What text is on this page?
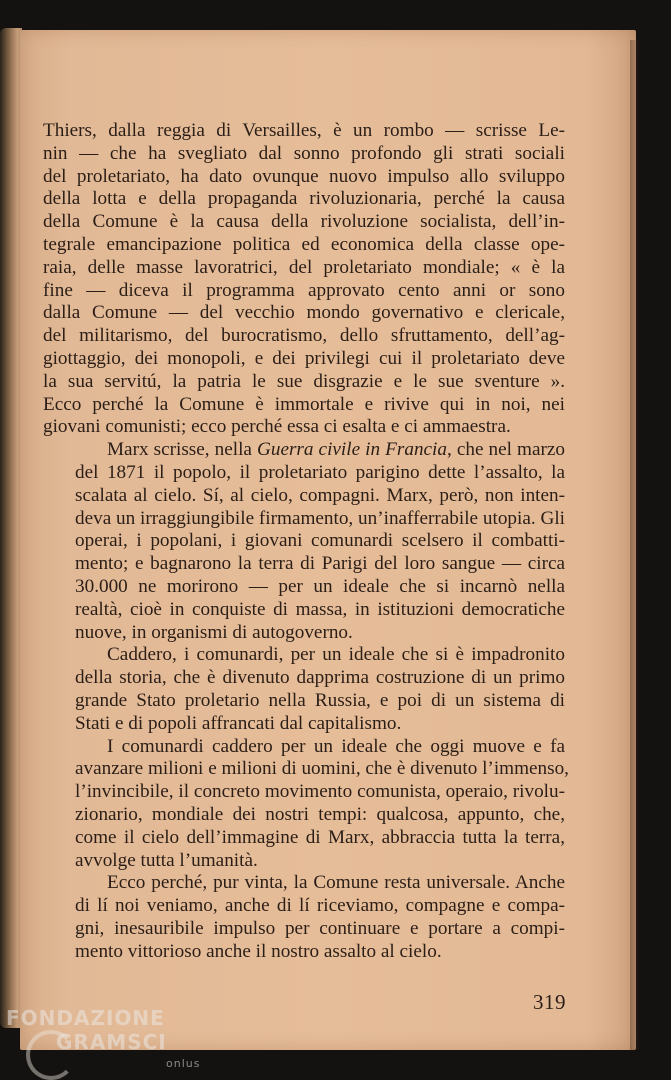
Thiers, dalla reggia di Versailles, è un rombo — scrisse Le-
nin — che ha svegliato dal sonno profondo gli strati sociali
del proletariato, ha dato ovunque nuovo impulso allo sviluppo
della lotta e della propaganda rivoluzionaria, perché la causa
della Comune è la causa della rivoluzione socialista, dell’in-
tegrale emancipazione politica ed economica della classe ope-
raia, delle masse lavoratrici, del proletariato mondiale; « è la
fine — diceva il programma approvato cento anni or sono
dalla Comune — del vecchio mondo governativo e clericale,
del militarismo, del burocratismo, dello sfruttamento, dell’ag-
giottaggio, dei monopoli, e dei privilegi cui il proletariato deve
la sua servitú, la patria le sue disgrazie e le sue sventure ».
Ecco perché la Comune è immortale e rivive qui in noi, nei
giovani comunisti; ecco perché essa ci esalta e ci ammaestra.
Marx scrisse, nella Guerra civile in Francia, che nel marzo
del 1871 il popolo, il proletariato parigino dette l’assalto, la
scalata al cielo. Sí, al cielo, compagni. Marx, però, non inten-
deva un irraggiungibile firmamento, un’inafferrabile utopia. Gli
operai, i popolani, i giovani comunardi scelsero il combatti-
mento; e bagnarono la terra di Parigi del loro sangue — circa
30.000 ne morirono — per un ideale che si incarnò nella
realtà, cioè in conquiste di massa, in istituzioni democratiche
nuove, in organismi di autogoverno.
Caddero, i comunardi, per un ideale che si è impadronito
della storia, che è divenuto dapprima costruzione di un primo
grande Stato proletario nella Russia, e poi di un sistema di
Stati e di popoli affrancati dal capitalismo.
I comunardi caddero per un ideale che oggi muove e fa
avanzare milioni e milioni di uomini, che è divenuto l’immenso,
l’invincibile, il concreto movimento comunista, operaio, rivolu-
zionario, mondiale dei nostri tempi: qualcosa, appunto, che,
come il cielo dell’immagine di Marx, abbraccia tutta la terra,
avvolge tutta l’umanità.
Ecco perché, pur vinta, la Comune resta universale. Anche
di lí noi veniamo, anche di lí riceviamo, compagne e compa-
gni, inesauribile impulso per continuare e portare a compi-
mento vittorioso anche il nostro assalto al cielo.
319
FONDAZIONE
GRAMSCI
onlus
